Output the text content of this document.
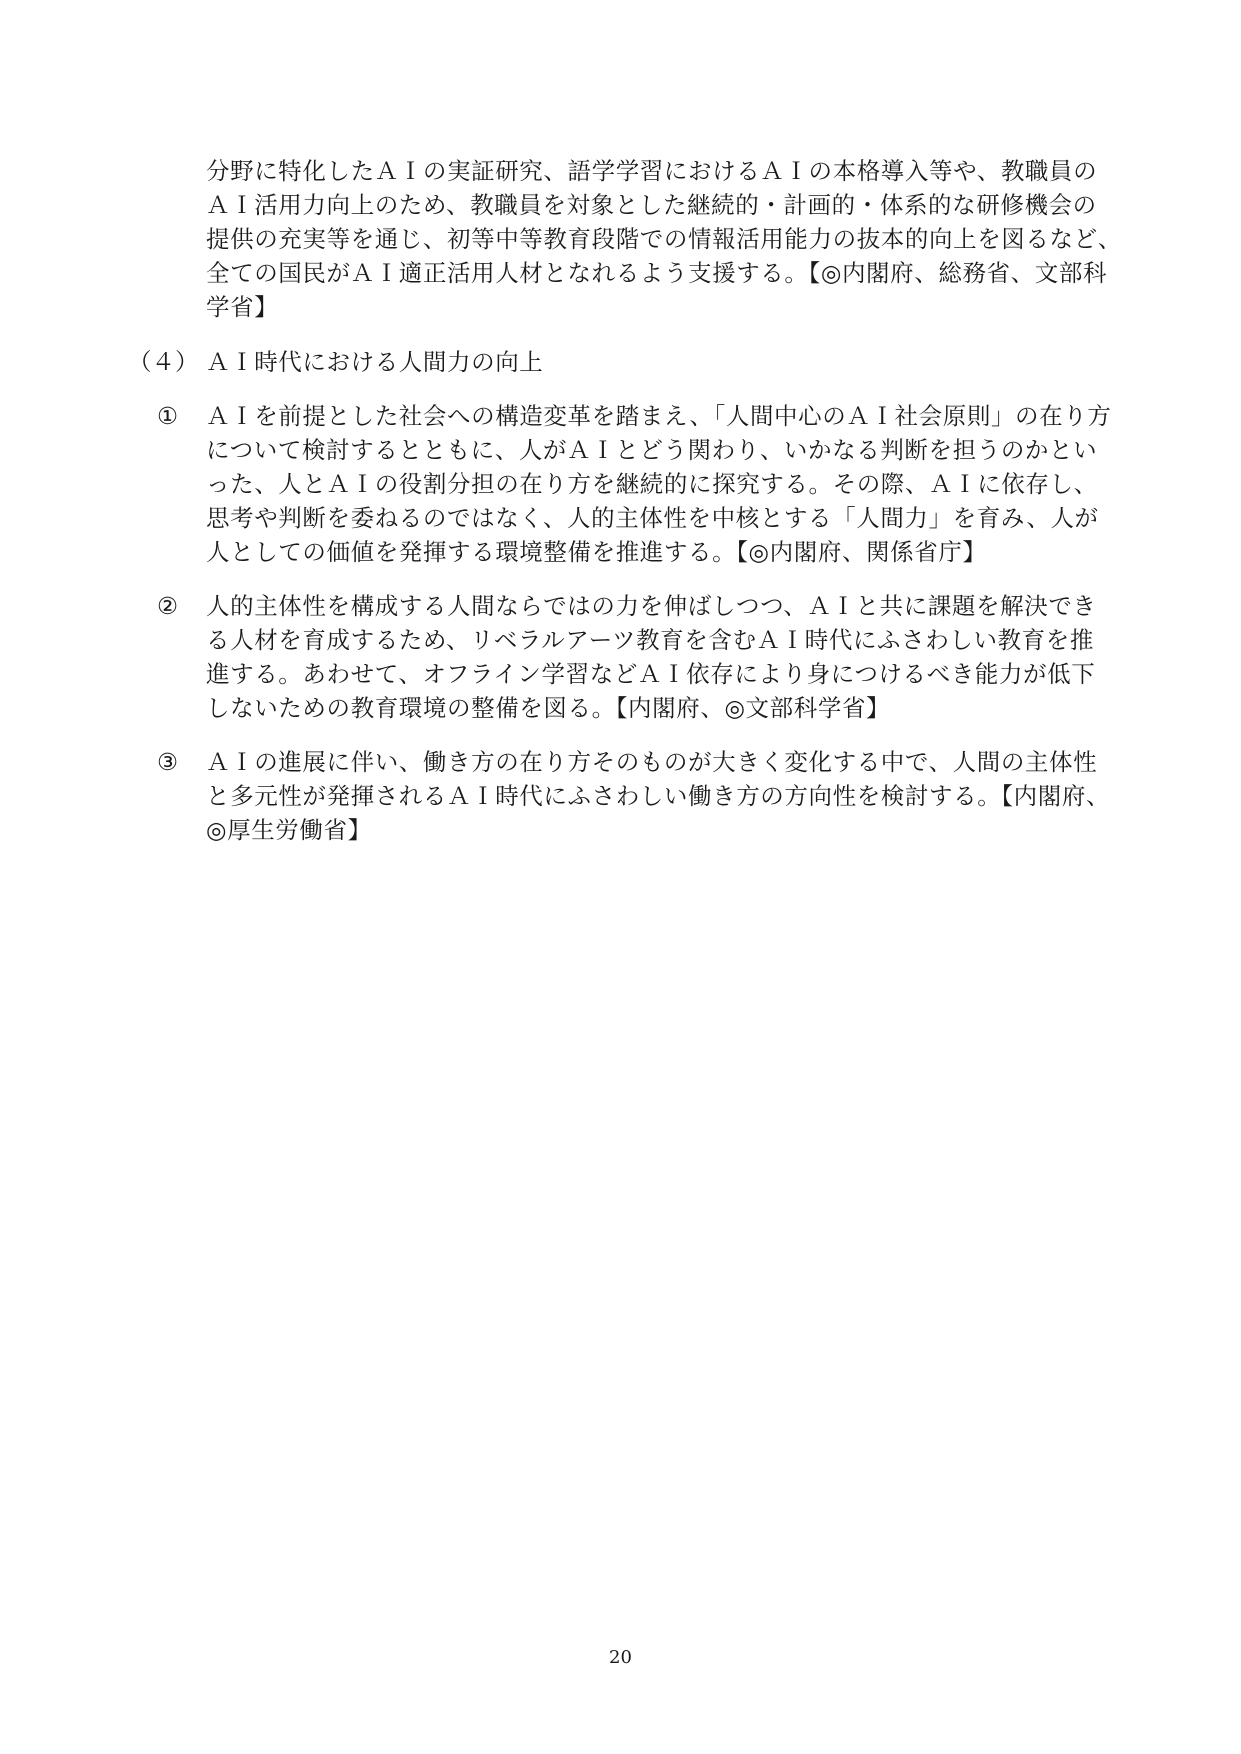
分野に特化したＡＩの実証研究、語学学習におけるＡＩの本格導入等や、教職員の
ＡＩ活用力向上のため、教職員を対象とした継続的・計画的・体系的な研修機会の
提供の充実等を通じ、初等中等教育段階での情報活用能力の抜本的向上を図るなど、
全ての国民がＡＩ適正活用人材となれるよう支援する。【◎内閣府、総務省、文部科
学省】
（４） ＡＩ時代における人間力の向上
① ＡＩを前提とした社会への構造変革を踏まえ、「人間中心のＡＩ社会原則」の在り方
について検討するとともに、人がＡＩとどう関わり、いかなる判断を担うのかとい
った、人とＡＩの役割分担の在り方を継続的に探究する。その際、ＡＩに依存し、
思考や判断を委ねるのではなく、人的主体性を中核とする「人間力」を育み、人が
人としての価値を発揮する環境整備を推進する。【◎内閣府、関係省庁】
② 人的主体性を構成する人間ならではの力を伸ばしつつ、ＡＩと共に課題を解決でき
る人材を育成するため、リベラルアーツ教育を含むＡＩ時代にふさわしい教育を推
進する。あわせて、オフライン学習などＡＩ依存により身につけるべき能力が低下
しないための教育環境の整備を図る。【内閣府、◎文部科学省】
③ ＡＩの進展に伴い、働き方の在り方そのものが大きく変化する中で、人間の主体性
と多元性が発揮されるＡＩ時代にふさわしい働き方の方向性を検討する。【内閣府、
◎厚生労働省】
20
